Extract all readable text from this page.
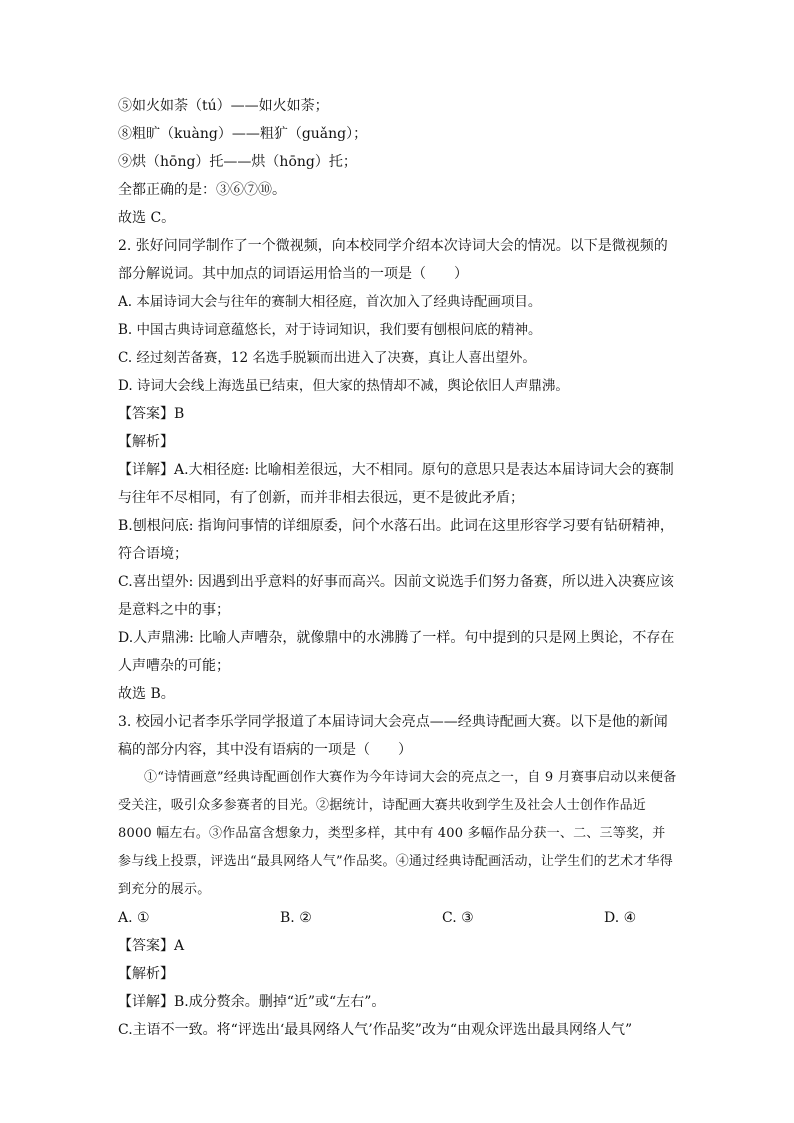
⑤如火如荼（tú）——如火如荼；
⑧粗旷（kuàng）——粗犷（guǎng）；
⑨烘（hōng）托——烘（hōng）托；
全都正确的是：③⑥⑦⑩。
故选 C。
2. 张好问同学制作了一个微视频，向本校同学介绍本次诗词大会的情况。以下是微视频的
部分解说词。其中加点的词语运用恰当的一项是（　　）
A. 本届诗词大会与往年的赛制大相径庭，首次加入了经典诗配画项目。
B. 中国古典诗词意蕴悠长，对于诗词知识，我们要有刨根问底的精神。
C. 经过刻苦备赛，12 名选手脱颖而出进入了决赛，真让人喜出望外。
D. 诗词大会线上海选虽已结束，但大家的热情却不减，舆论依旧人声鼎沸。
【答案】B
【解析】
【详解】A.大相径庭: 比喻相差很远，大不相同。原句的意思只是表达本届诗词大会的赛制
与往年不尽相同，有了创新，而并非相去很远，更不是彼此矛盾；
B.刨根问底: 指询问事情的详细原委，问个水落石出。此词在这里形容学习要有钻研精神，
符合语境；
C.喜出望外: 因遇到出乎意料的好事而高兴。因前文说选手们努力备赛，所以进入决赛应该
是意料之中的事；
D.人声鼎沸: 比喻人声嘈杂，就像鼎中的水沸腾了一样。句中提到的只是网上舆论，不存在
人声嘈杂的可能；
故选 B。
3. 校园小记者李乐学同学报道了本届诗词大会亮点——经典诗配画大赛。以下是他的新闻
稿的部分内容，其中没有语病的一项是（　　）
①“诗情画意”经典诗配画创作大赛作为今年诗词大会的亮点之一，自 9 月赛事启动以来便备受关注，吸引众多参赛者的目光。②据统计，诗配画大赛共收到学生及社会人士创作作品近 8000 幅左右。③作品富含想象力，类型多样，其中有 400 多幅作品分获一、二、三等奖，并参与线上投票，评选出“最具网络人气”作品奖。④通过经典诗配画活动，让学生们的艺术才华得到充分的展示。
A. ①	B. ②	C. ③	D. ④
【答案】A
【解析】
【详解】B.成分赘余。删掉“近”或“左右”。
C.主语不一致。将“评选出‘最具网络人气’作品奖”改为“由观众评选出最具网络人气”
